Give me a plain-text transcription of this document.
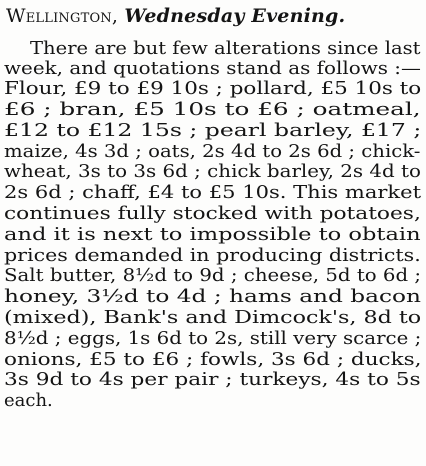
Wellington, Wednesday Evening.
There are but few alterations since last
week, and quotations stand as follows :—
Flour, £9 to £9 10s ; pollard, £5 10s to
£6 ; bran, £5 10s to £6 ; oatmeal,
£12 to £12 15s ; pearl barley, £17 ;
maize, 4s 3d ; oats, 2s 4d to 2s 6d ; chick-
wheat, 3s to 3s 6d ; chick barley, 2s 4d to
2s 6d ; chaff, £4 to £5 10s. This market
continues fully stocked with potatoes,
and it is next to impossible to obtain
prices demanded in producing districts.
Salt butter, 8½d to 9d ; cheese, 5d to 6d ;
honey, 3½d to 4d ; hams and bacon
(mixed), Bank's and Dimcock's, 8d to
8½d ; eggs, 1s 6d to 2s, still very scarce ;
onions, £5 to £6 ; fowls, 3s 6d ; ducks,
3s 9d to 4s per pair ; turkeys, 4s to 5s
each.
